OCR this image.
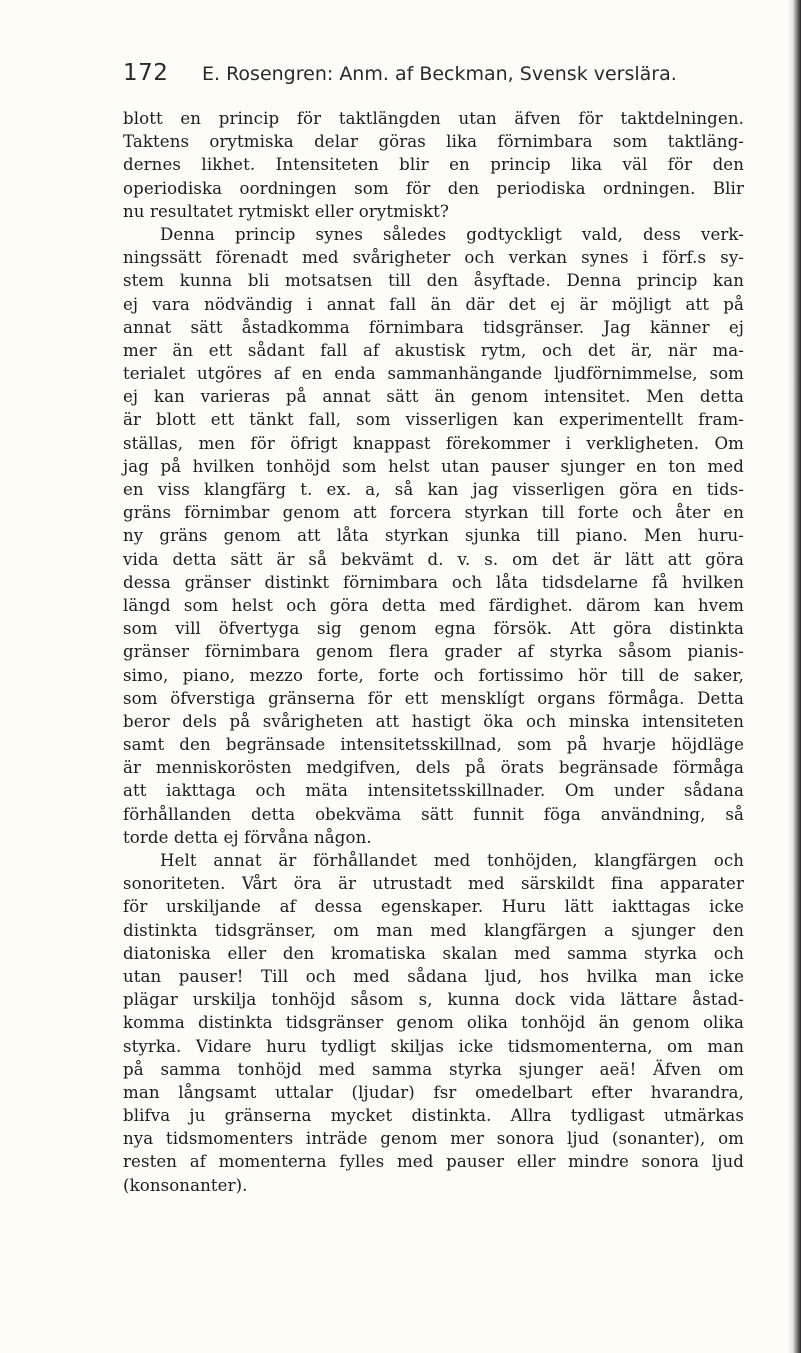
172 E. Rosengren: Anm. af Beckman, Svensk verslära.
blott en princip för taktlängden utan äfven för taktdelningen.
Taktens orytmiska delar göras lika förnimbara som taktläng-
dernes likhet. Intensiteten blir en princip lika väl för den
operiodiska oordningen som för den periodiska ordningen. Blir
nu resultatet rytmiskt eller orytmiskt?
Denna princip synes således godtyckligt vald, dess verk-
ningssätt förenadt med svårigheter och verkan synes i förf.s sy-
stem kunna bli motsatsen till den åsyftade. Denna princip kan
ej vara nödvändig i annat fall än där det ej är möjligt att på
annat sätt åstadkomma förnimbara tidsgränser. Jag känner ej
mer än ett sådant fall af akustisk rytm, och det är, när ma-
terialet utgöres af en enda sammanhängande ljudförnimmelse, som
ej kan varieras på annat sätt än genom intensitet. Men detta
är blott ett tänkt fall, som visserligen kan experimentellt fram-
ställas, men för öfrigt knappast förekommer i verkligheten. Om
jag på hvilken tonhöjd som helst utan pauser sjunger en ton med
en viss klangfärg t. ex. a, så kan jag visserligen göra en tids-
gräns förnimbar genom att forcera styrkan till forte och åter en
ny gräns genom att låta styrkan sjunka till piano. Men huru-
vida detta sätt är så bekvämt d. v. s. om det är lätt att göra
dessa gränser distinkt förnimbara och låta tidsdelarne få hvilken
längd som helst och göra detta med färdighet. därom kan hvem
som vill öfvertyga sig genom egna försök. Att göra distinkta
gränser förnimbara genom flera grader af styrka såsom pianis-
simo, piano, mezzo forte, forte och fortissimo hör till de saker,
som öfverstiga gränserna för ett mensklígt organs förmåga. Detta
beror dels på svårigheten att hastigt öka och minska intensiteten
samt den begränsade intensitetsskillnad, som på hvarje höjdläge
är menniskorösten medgifven, dels på örats begränsade förmåga
att iakttaga och mäta intensitetsskillnader. Om under sådana
förhållanden detta obekväma sätt funnit föga användning, så
torde detta ej förvåna någon.
Helt annat är förhållandet med tonhöjden, klangfärgen och
sonoriteten. Vårt öra är utrustadt med särskildt fina apparater
för urskiljande af dessa egenskaper. Huru lätt iakttagas icke
distinkta tidsgränser, om man med klangfärgen a sjunger den
diatoniska eller den kromatiska skalan med samma styrka och
utan pauser! Till och med sådana ljud, hos hvilka man icke
plägar urskilja tonhöjd såsom s, kunna dock vida lättare åstad-
komma distinkta tidsgränser genom olika tonhöjd än genom olika
styrka. Vidare huru tydligt skiljas icke tidsmomenterna, om man
på samma tonhöjd med samma styrka sjunger aeä! Äfven om
man långsamt uttalar (ljudar) fsr omedelbart efter hvarandra,
blifva ju gränserna mycket distinkta. Allra tydligast utmärkas
nya tidsmomenters inträde genom mer sonora ljud (sonanter), om
resten af momenterna fylles med pauser eller mindre sonora ljud
(konsonanter).
